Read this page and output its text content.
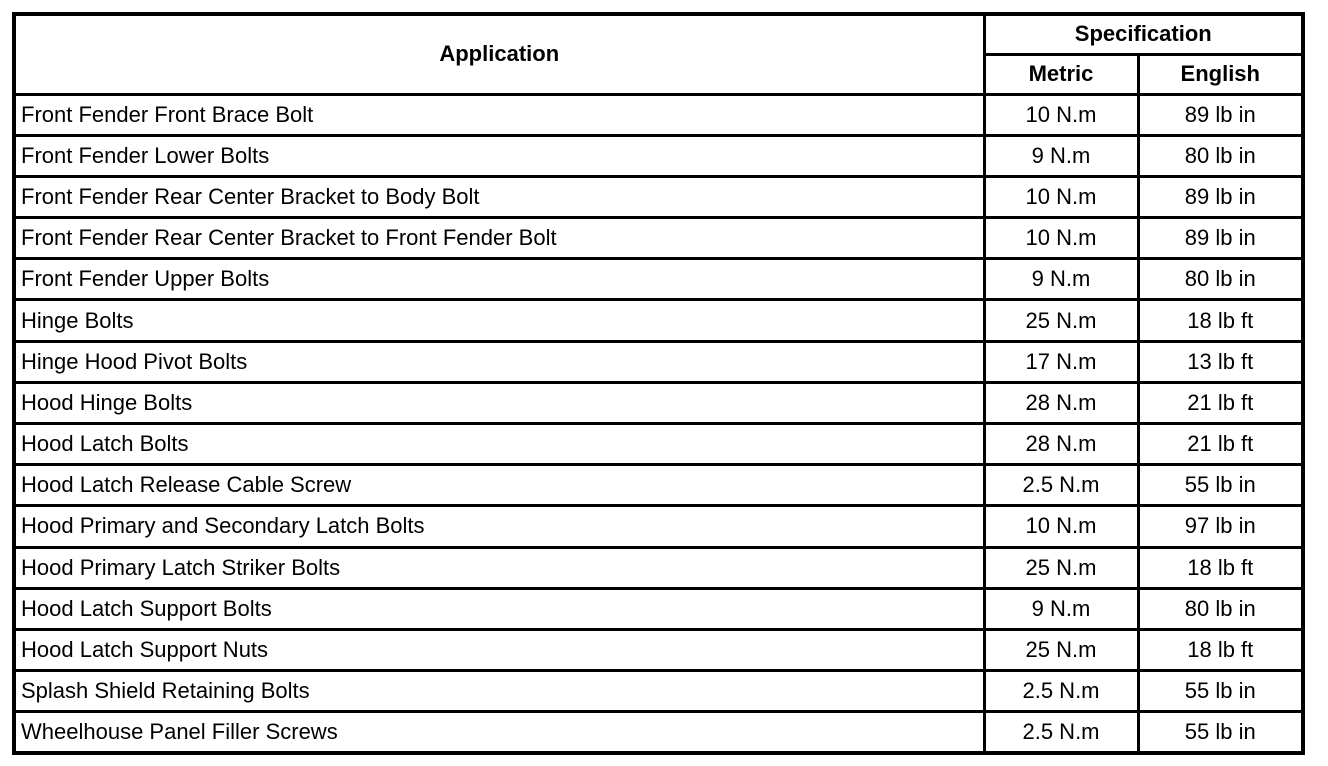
Application	Specification	
	Metric	English
Front Fender Front Brace Bolt	10 N.m	89 lb in
Front Fender Lower Bolts	9 N.m	80 lb in
Front Fender Rear Center Bracket to Body Bolt	10 N.m	89 lb in
Front Fender Rear Center Bracket to Front Fender Bolt	10 N.m	89 lb in
Front Fender Upper Bolts	9 N.m	80 lb in
Hinge Bolts	25 N.m	18 lb ft
Hinge Hood Pivot Bolts	17 N.m	13 lb ft
Hood Hinge Bolts	28 N.m	21 lb ft
Hood Latch Bolts	28 N.m	21 lb ft
Hood Latch Release Cable Screw	2.5 N.m	55 lb in
Hood Primary and Secondary Latch Bolts	10 N.m	97 lb in
Hood Primary Latch Striker Bolts	25 N.m	18 lb ft
Hood Latch Support Bolts	9 N.m	80 lb in
Hood Latch Support Nuts	25 N.m	18 lb ft
Splash Shield Retaining Bolts	2.5 N.m	55 lb in
Wheelhouse Panel Filler Screws	2.5 N.m	55 lb in
